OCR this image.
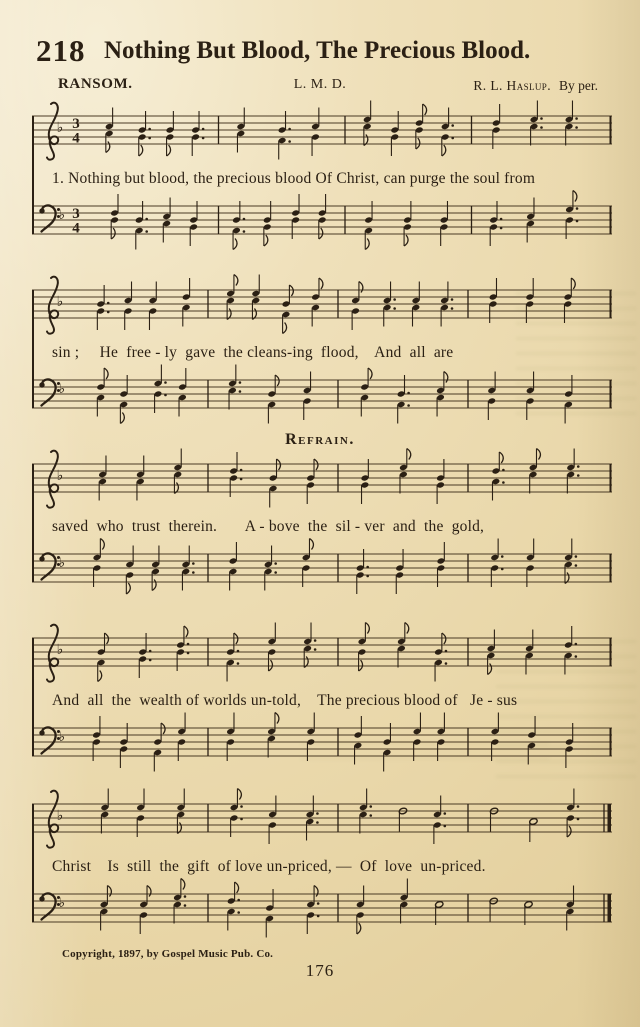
218 Nothing But Blood, The Precious Blood.
RANSOM.	L. M. D.	R. L. Haslup. By per.
♭ 3
4
1. Nothing but blood, the precious blood Of Christ, can purge the soul from
♭ 3
4
♭
sin ;     He  free - ly  gave  the cleans-ing  flood,    And  all  are
♭
Refrain.
♭
saved  who  trust  therein.       A - bove  the  sil - ver  and  the  gold,
♭
♭
And  all  the  wealth of worlds un-told,    The precious blood of   Je - sus
♭
♭
Christ    Is  still  the  gift  of love un-priced, —  Of  love  un-priced.
♭
Copyright, 1897, by Gospel Music Pub. Co.
176
